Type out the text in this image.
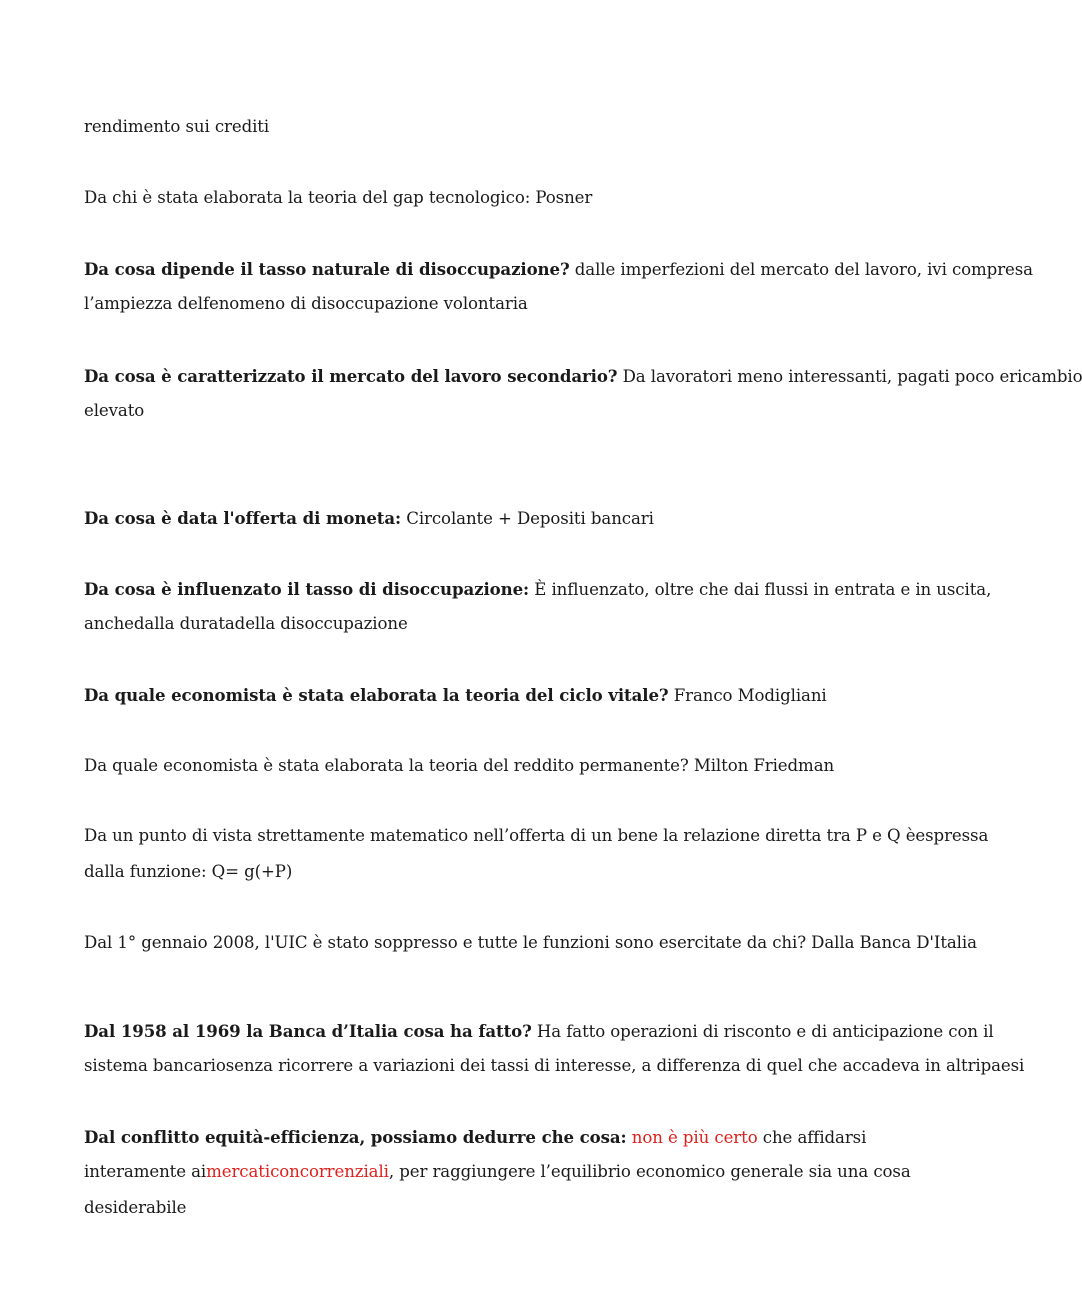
rendimento sui crediti
Da chi è stata elaborata la teoria del gap tecnologico: Posner
Da cosa dipende il tasso naturale di disoccupazione? dalle imperfezioni del mercato del lavoro, ivi compresa
l’ampiezza delfenomeno di disoccupazione volontaria
Da cosa è caratterizzato il mercato del lavoro secondario? Da lavoratori meno interessanti, pagati poco ericambio
elevato
Da cosa è data l'offerta di moneta: Circolante + Depositi bancari
Da cosa è influenzato il tasso di disoccupazione: È influenzato, oltre che dai flussi in entrata e in uscita,
anchedalla duratadella disoccupazione
Da quale economista è stata elaborata la teoria del ciclo vitale? Franco Modigliani
Da quale economista è stata elaborata la teoria del reddito permanente? Milton Friedman
Da un punto di vista strettamente matematico nell’offerta di un bene la relazione diretta tra P e Q èespressa
dalla funzione: Q= g(+P)
Dal 1° gennaio 2008, l'UIC è stato soppresso e tutte le funzioni sono esercitate da chi? Dalla Banca D'Italia
Dal 1958 al 1969 la Banca d’Italia cosa ha fatto? Ha fatto operazioni di risconto e di anticipazione con il
sistema bancariosenza ricorrere a variazioni dei tassi di interesse, a differenza di quel che accadeva in altripaesi
Dal conflitto equità-efficienza, possiamo dedurre che cosa: non è più certo che affidarsi
interamente aimercaticoncorrenziali, per raggiungere l’equilibrio economico generale sia una cosa
desiderabile
